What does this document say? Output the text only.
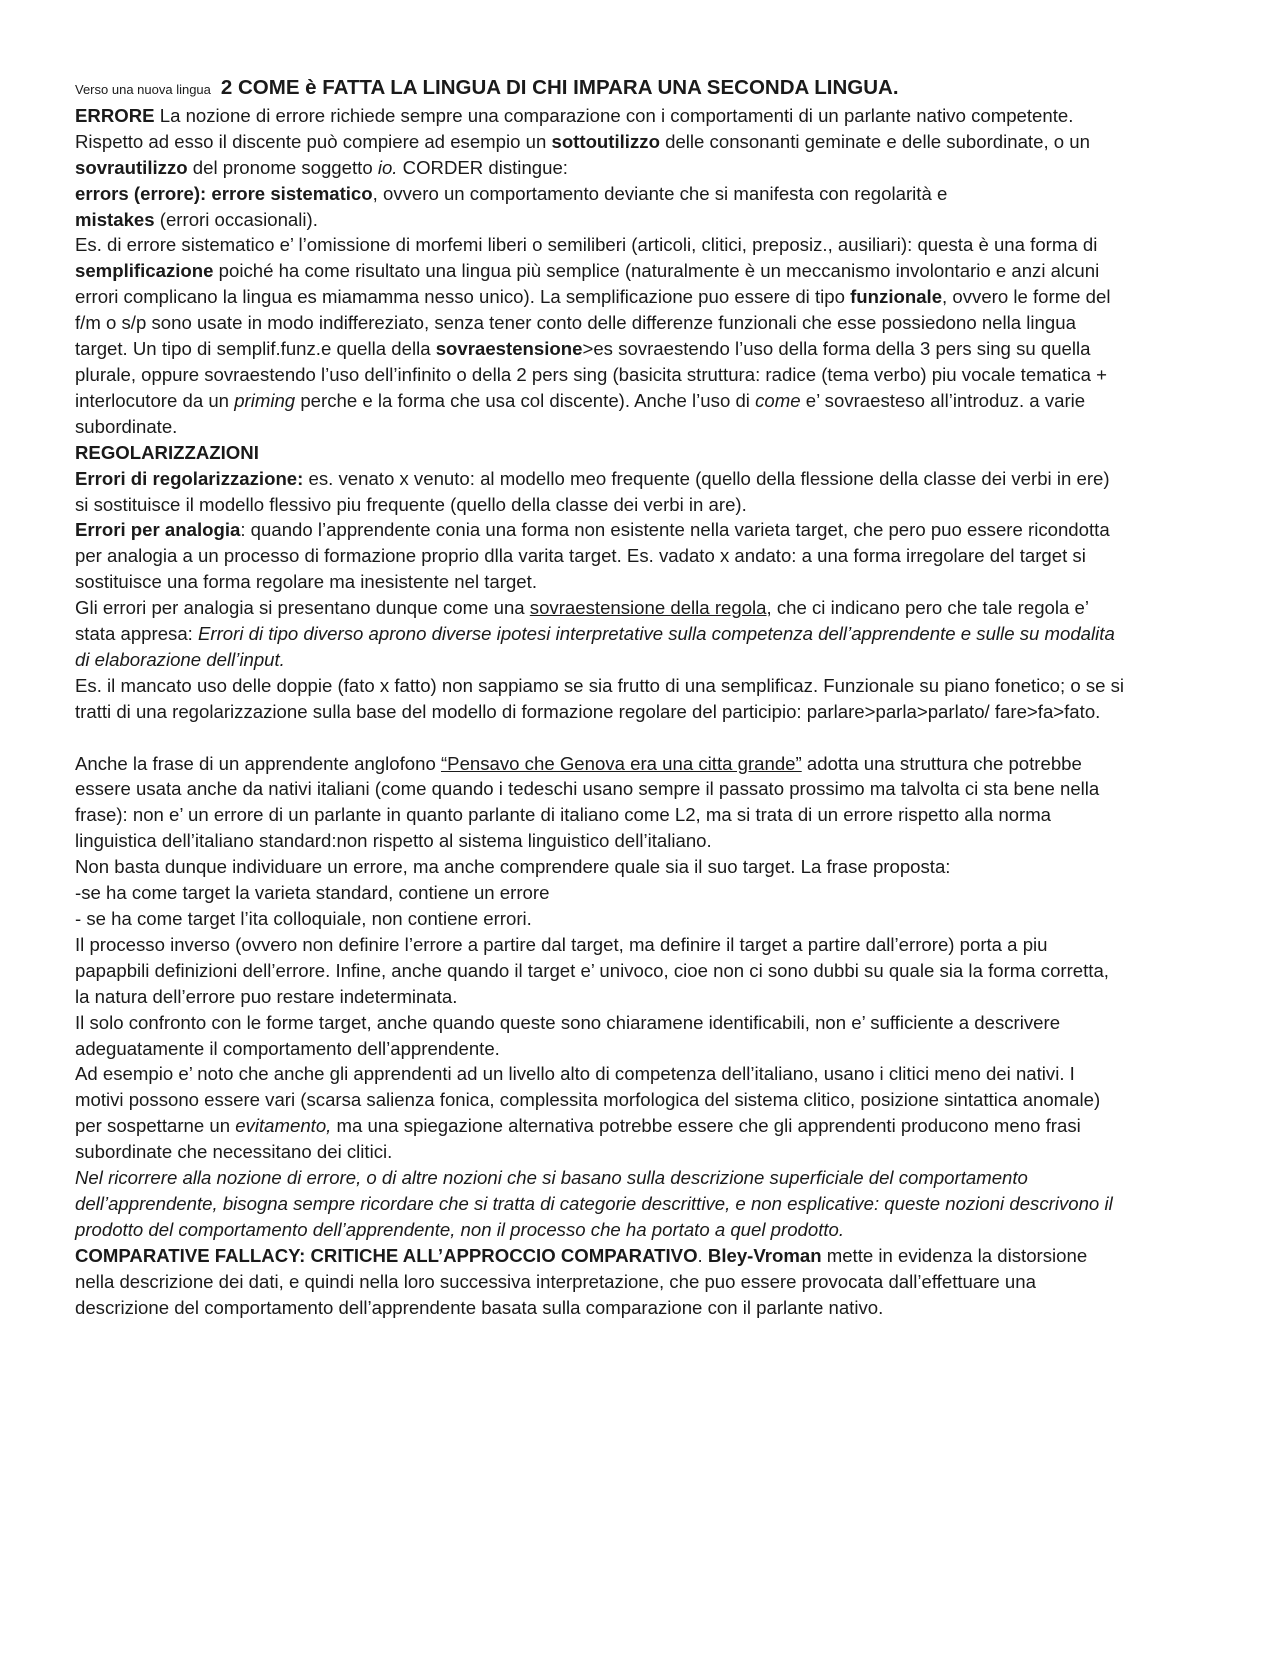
Verso una nuova lingua 2 COME è FATTA LA LINGUA DI CHI IMPARA UNA SECONDA LINGUA.

ERRORE La nozione di errore richiede sempre una comparazione con i comportamenti di un parlante nativo competente. Rispetto ad esso il discente può compiere ad esempio un sottoutilizzo delle consonanti geminate e delle subordinate, o un sovrautilizzo del pronome soggetto io. CORDER distingue:

errors (errore): errore sistematico, ovvero un comportamento deviante che si manifesta con regolarità e

mistakes (errori occasionali).

Es. di errore sistematico e’ l’omissione di morfemi liberi o semiliberi (articoli, clitici, preposiz., ausiliari): questa è una forma di semplificazione poiché ha come risultato una lingua più semplice (naturalmente è un meccanismo involontario e anzi alcuni errori complicano la lingua es miamamma nesso unico). La semplificazione puo essere di tipo funzionale, ovvero le forme del f/m o s/p sono usate in modo indiffereziato, senza tener conto delle differenze funzionali che esse possiedono nella lingua target. Un tipo di semplif.funz.e quella della sovraestensione>es sovraestendo l’uso della forma della 3 pers sing su quella plurale, oppure sovraestendo l’uso dell’infinito o della 2 pers sing (basicita struttura: radice (tema verbo) piu vocale tematica + interlocutore da un priming perche e la forma che usa col discente). Anche l’uso di come e’ sovraesteso all’introduz. a varie subordinate.

REGOLARIZZAZIONI

Errori di regolarizzazione: es. venato x venuto: al modello meo frequente (quello della flessione della classe dei verbi in ere) si sostituisce il modello flessivo piu frequente (quello della classe dei verbi in are).

Errori per analogia: quando l’apprendente conia una forma non esistente nella varieta target, che pero puo essere ricondotta per analogia a un processo di formazione proprio dlla varita target. Es. vadato x andato: a una forma irregolare del target si sostituisce una forma regolare ma inesistente nel target.

Gli errori per analogia si presentano dunque come una sovraestensione della regola, che ci indicano pero che tale regola e’ stata appresa: Errori di tipo diverso aprono diverse ipotesi interpretative sulla competenza dell’apprendente e sulle su modalita di elaborazione dell’input.

Es. il mancato uso delle doppie (fato x fatto) non sappiamo se sia frutto di una semplificaz. Funzionale su piano fonetico; o se si tratti di una regolarizzazione sulla base del modello di formazione regolare del participio: parlare>parla>parlato/ fare>fa>fato.

Anche la frase di un apprendente anglofono “Pensavo che Genova era una citta grande” adotta una struttura che potrebbe essere usata anche da nativi italiani (come quando i tedeschi usano sempre il passato prossimo ma talvolta ci sta bene nella frase): non e’ un errore di un parlante in quanto parlante di italiano come L2, ma si trata di un errore rispetto alla norma linguistica dell’italiano standard:non rispetto al sistema linguistico dell’italiano.

Non basta dunque individuare un errore, ma anche comprendere quale sia il suo target. La frase proposta:

-se ha come target la varieta standard, contiene un errore

- se ha come target l’ita colloquiale, non contiene errori.

Il processo inverso (ovvero non definire l’errore a partire dal target, ma definire il target a partire dall’errore) porta a piu papapbili definizioni dell’errore. Infine, anche quando il target e’ univoco, cioe non ci sono dubbi su quale sia la forma corretta, la natura dell’errore puo restare indeterminata.

Il solo confronto con le forme target, anche quando queste sono chiaramene identificabili, non e’ sufficiente a descrivere adeguatamente il comportamento dell’apprendente.

Ad esempio e’ noto che anche gli apprendenti ad un livello alto di competenza dell’italiano, usano i clitici meno dei nativi. I motivi possono essere vari (scarsa salienza fonica, complessita morfologica del sistema clitico, posizione sintattica anomale) per sospettarne un evitamento, ma una spiegazione alternativa potrebbe essere che gli apprendenti producono meno frasi subordinate che necessitano dei clitici.

Nel ricorrere alla nozione di errore, o di altre nozioni che si basano sulla descrizione superficiale del comportamento dell’apprendente, bisogna sempre ricordare che si tratta di categorie descrittive, e non esplicative: queste nozioni descrivono il prodotto del comportamento dell’apprendente, non il processo che ha portato a quel prodotto.

COMPARATIVE FALLACY: CRITICHE ALL’APPROCCIO COMPARATIVO. Bley-Vroman mette in evidenza la distorsione nella descrizione dei dati, e quindi nella loro successiva interpretazione, che puo essere provocata dall’effettuare una descrizione del comportamento dell’apprendente basata sulla comparazione con il parlante nativo.
